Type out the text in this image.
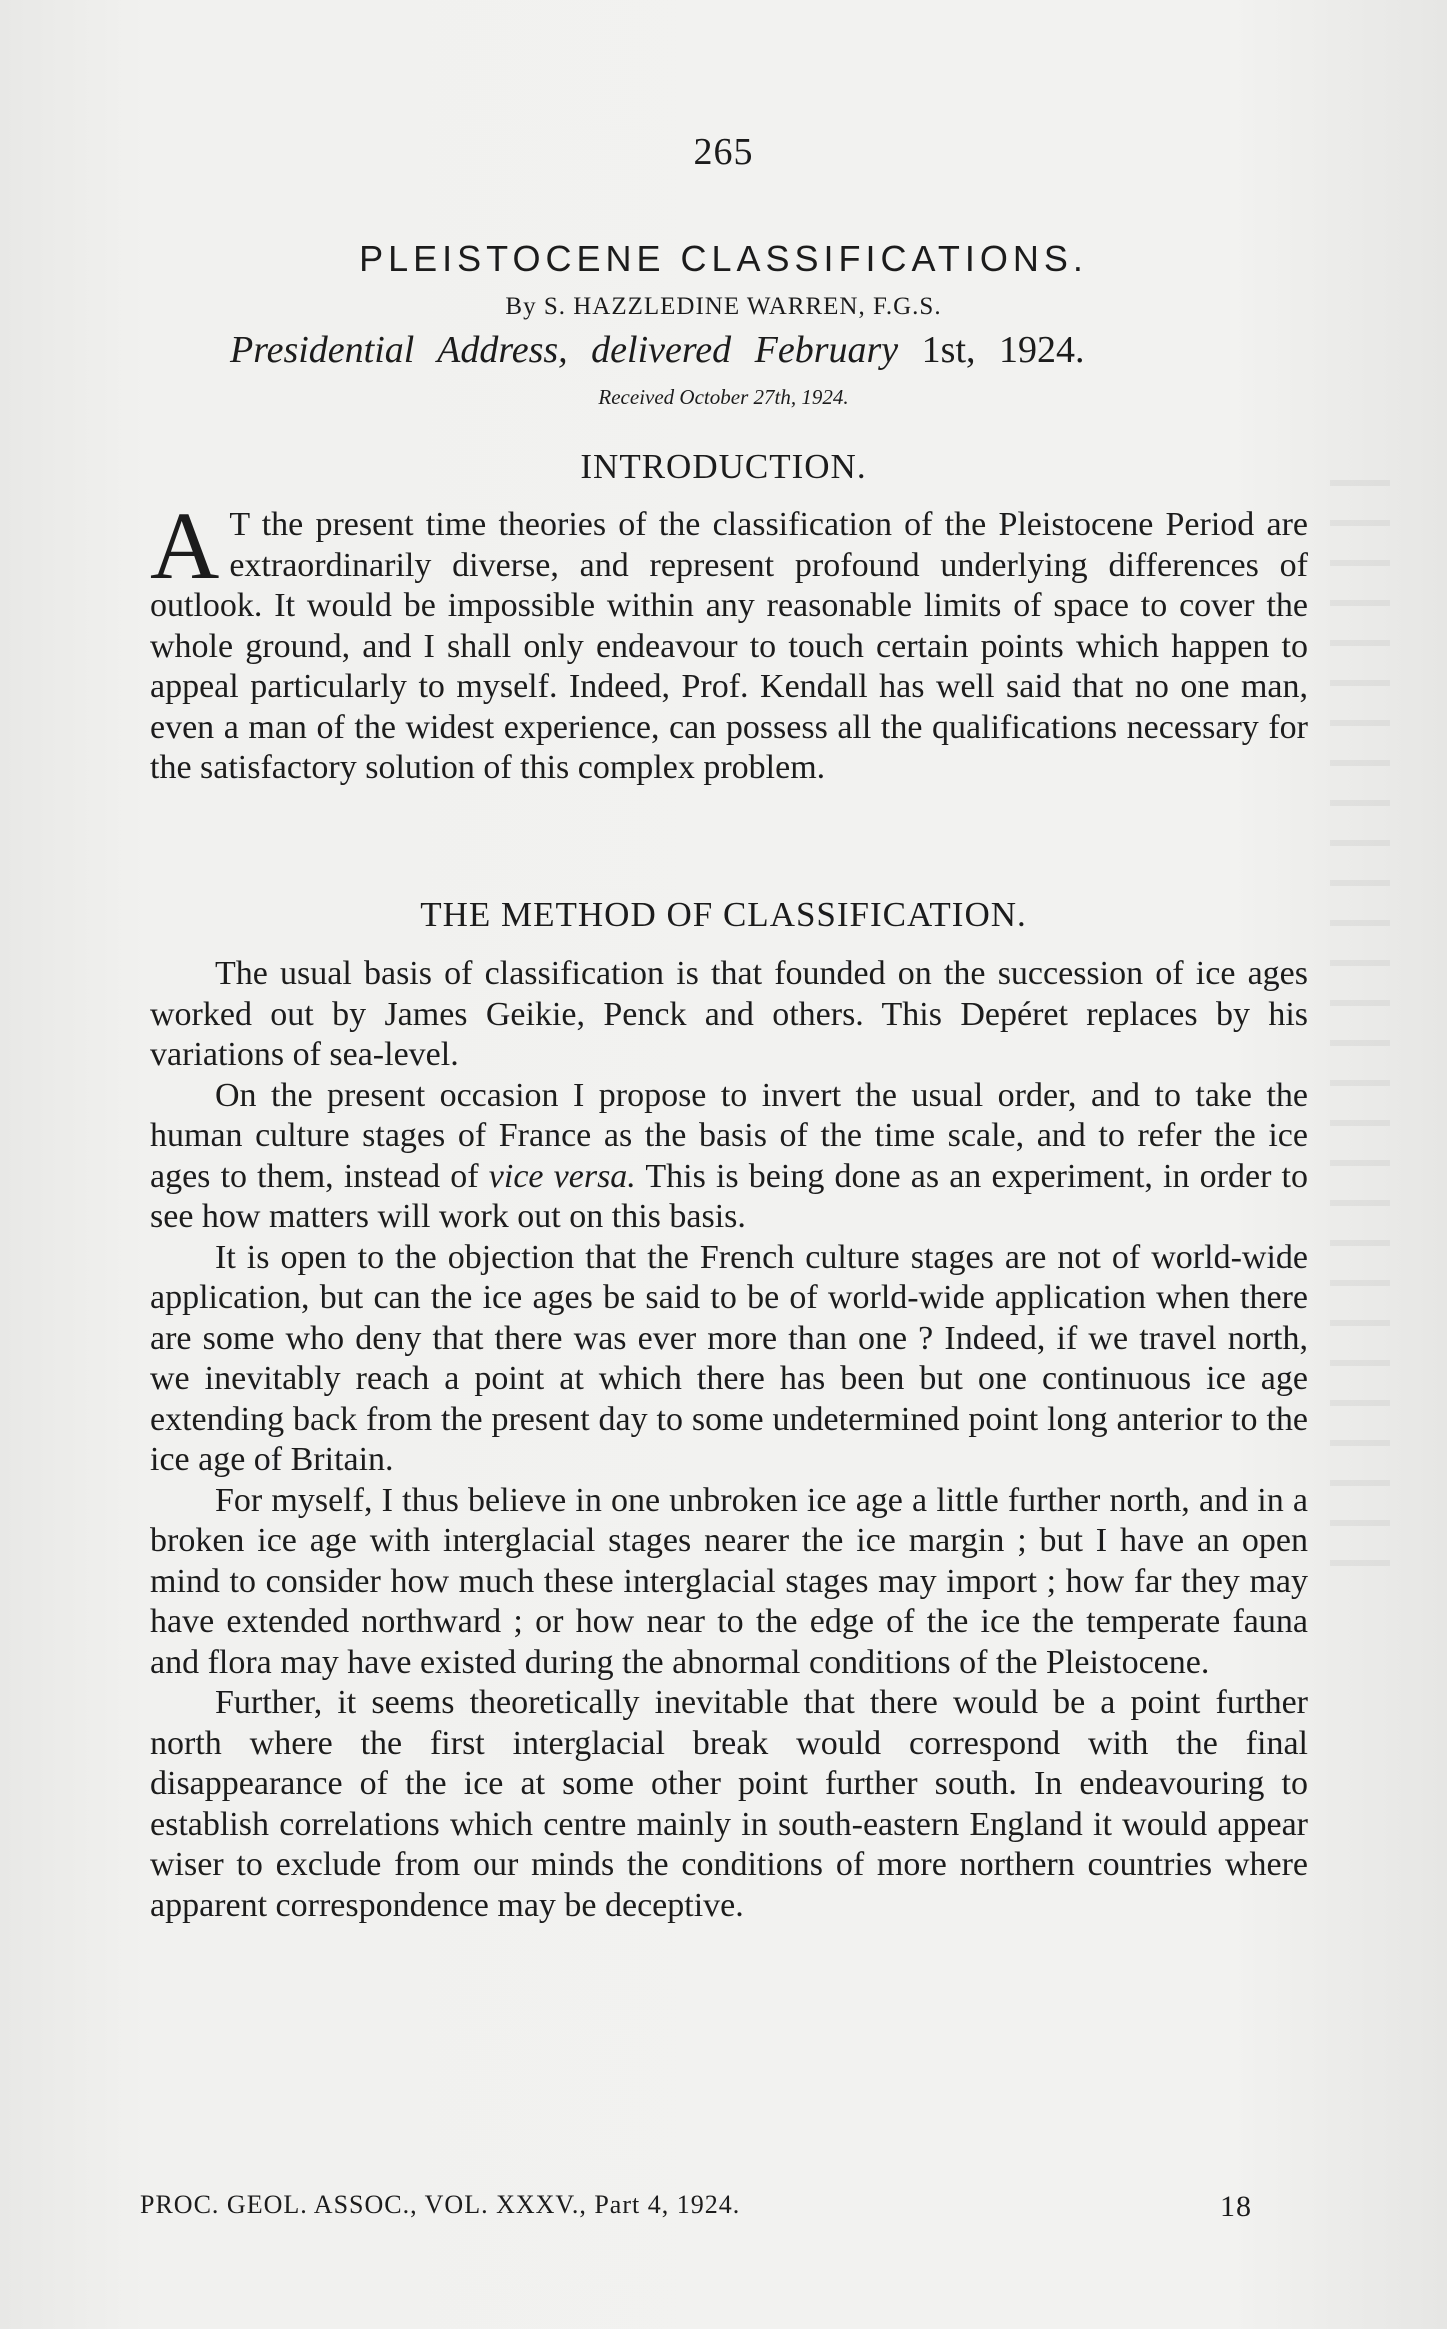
265
PLEISTOCENE CLASSIFICATIONS.
By S. HAZZLEDINE WARREN, F.G.S.
Presidential Address, delivered February 1st, 1924.
Received October 27th, 1924.
INTRODUCTION.

A T the present time theories of the classification of the Pleistocene Period are extraordinarily diverse, and represent profound underlying differences of outlook. It would be impossible within any reasonable limits of space to cover the whole ground, and I shall only endeavour to touch certain points which happen to appeal particularly to myself. Indeed, Prof. Kendall has well said that no one man, even a man of the widest experience, can possess all the qualifications necessary for the satisfactory solution of this complex problem.

THE METHOD OF CLASSIFICATION.

The usual basis of classification is that founded on the succession of ice ages worked out by James Geikie, Penck and others. This Depéret replaces by his variations of sea-level.

On the present occasion I propose to invert the usual order, and to take the human culture stages of France as the basis of the time scale, and to refer the ice ages to them, instead of vice versa. This is being done as an experiment, in order to see how matters will work out on this basis.

It is open to the objection that the French culture stages are not of world-wide application, but can the ice ages be said to be of world-wide application when there are some who deny that there was ever more than one ? Indeed, if we travel north, we inevitably reach a point at which there has been but one continuous ice age extending back from the present day to some undetermined point long anterior to the ice age of Britain.

For myself, I thus believe in one unbroken ice age a little further north, and in a broken ice age with interglacial stages nearer the ice margin ; but I have an open mind to consider how much these interglacial stages may import ; how far they may have extended northward ; or how near to the edge of the ice the temperate fauna and flora may have existed during the abnormal conditions of the Pleistocene.

Further, it seems theoretically inevitable that there would be a point further north where the first interglacial break would correspond with the final disappearance of the ice at some other point further south. In endeavouring to establish correlations which centre mainly in south-eastern England it would appear wiser to exclude from our minds the conditions of more northern countries where apparent correspondence may be deceptive.

PROC. GEOL. ASSOC., VOL. XXXV., Part 4, 1924.	18
